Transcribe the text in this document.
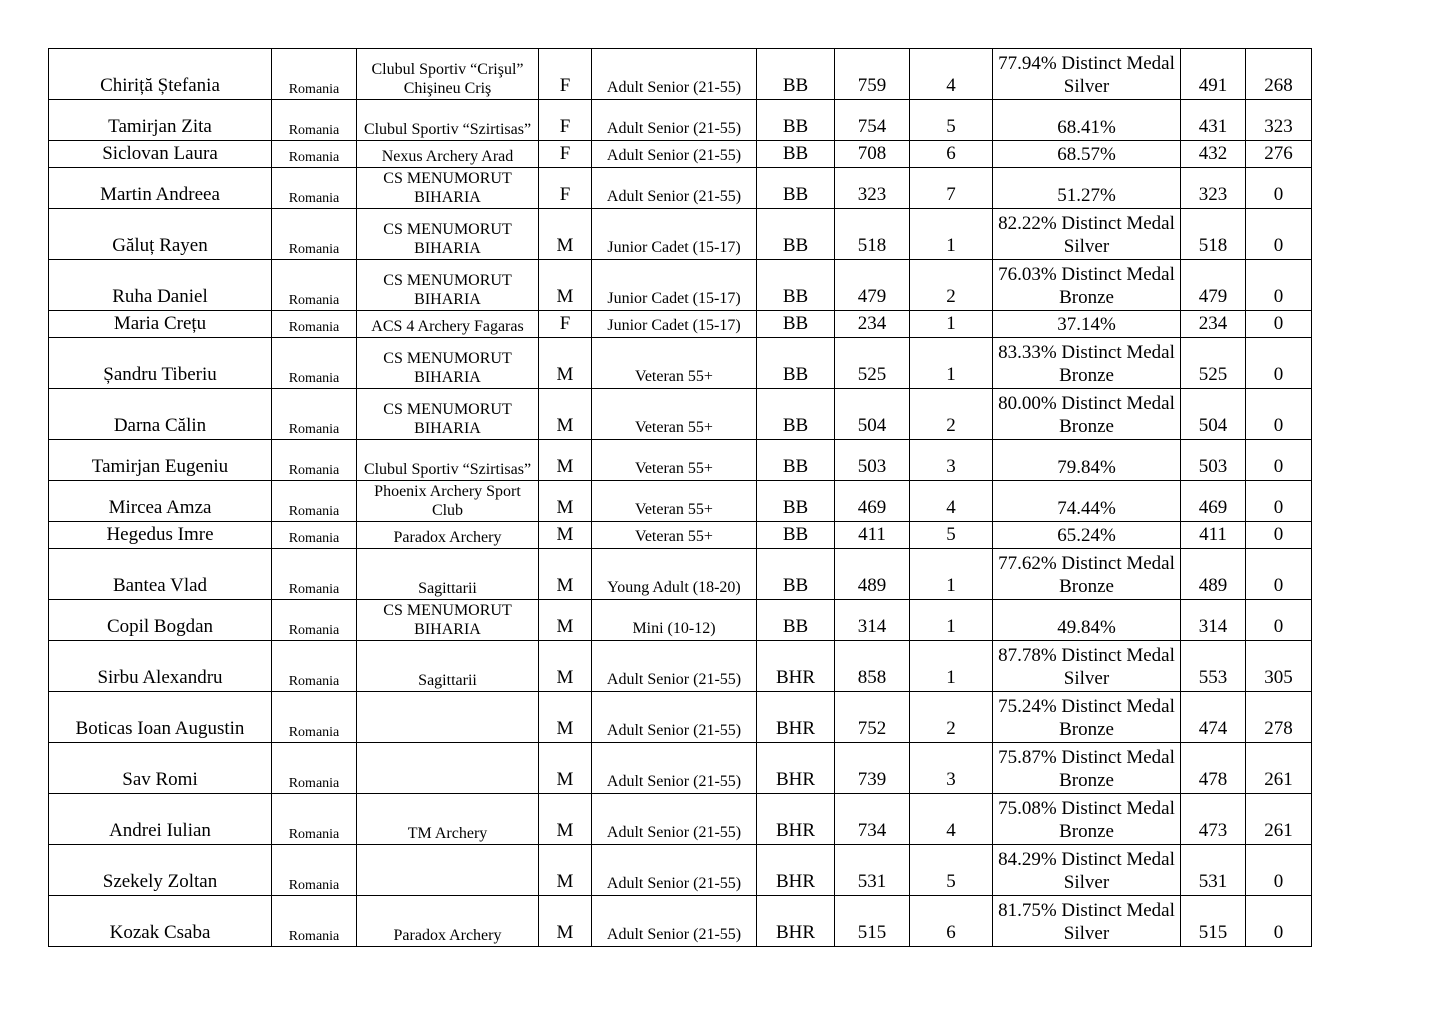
Chiriță Ștefania	Romania	Clubul Sportiv “Crişul” Chişineu Criş	F	Adult Senior (21-55)	BB	759	4	77.94% Distinct Medal Silver	491	268

Tamirjan Zita	Romania	Clubul Sportiv “Szirtisas”	F	Adult Senior (21-55)	BB	754	5	68.41%	431	323

Siclovan Laura	Romania	Nexus Archery Arad	F	Adult Senior (21-55)	BB	708	6	68.57%	432	276

Martin Andreea	Romania	CS MENUMORUT BIHARIA	F	Adult Senior (21-55)	BB	323	7	51.27%	323	0

Găluț Rayen	Romania	CS MENUMORUT BIHARIA	M	Junior Cadet (15-17)	BB	518	1	82.22% Distinct Medal Silver	518	0

Ruha Daniel	Romania	CS MENUMORUT BIHARIA	M	Junior Cadet (15-17)	BB	479	2	76.03% Distinct Medal Bronze	479	0

Maria Crețu	Romania	ACS 4 Archery Fagaras	F	Junior Cadet (15-17)	BB	234	1	37.14%	234	0

Șandru Tiberiu	Romania	CS MENUMORUT BIHARIA	M	Veteran 55+	BB	525	1	83.33% Distinct Medal Bronze	525	0

Darna Călin	Romania	CS MENUMORUT BIHARIA	M	Veteran 55+	BB	504	2	80.00% Distinct Medal Bronze	504	0

Tamirjan Eugeniu	Romania	Clubul Sportiv “Szirtisas”	M	Veteran 55+	BB	503	3	79.84%	503	0

Mircea Amza	Romania	Phoenix Archery Sport Club	M	Veteran 55+	BB	469	4	74.44%	469	0

Hegedus Imre	Romania	Paradox Archery	M	Veteran 55+	BB	411	5	65.24%	411	0

Bantea Vlad	Romania	Sagittarii	M	Young Adult (18-20)	BB	489	1	77.62% Distinct Medal Bronze	489	0

Copil Bogdan	Romania	CS MENUMORUT BIHARIA	M	Mini (10-12)	BB	314	1	49.84%	314	0

Sirbu Alexandru	Romania	Sagittarii	M	Adult Senior (21-55)	BHR	858	1	87.78% Distinct Medal Silver	553	305

Boticas Ioan Augustin	Romania		M	Adult Senior (21-55)	BHR	752	2	75.24% Distinct Medal Bronze	474	278

Sav Romi	Romania		M	Adult Senior (21-55)	BHR	739	3	75.87% Distinct Medal Bronze	478	261

Andrei Iulian	Romania	TM Archery	M	Adult Senior (21-55)	BHR	734	4	75.08% Distinct Medal Bronze	473	261

Szekely Zoltan	Romania		M	Adult Senior (21-55)	BHR	531	5	84.29% Distinct Medal Silver	531	0

Kozak Csaba	Romania	Paradox Archery	M	Adult Senior (21-55)	BHR	515	6	81.75% Distinct Medal Silver	515	0
